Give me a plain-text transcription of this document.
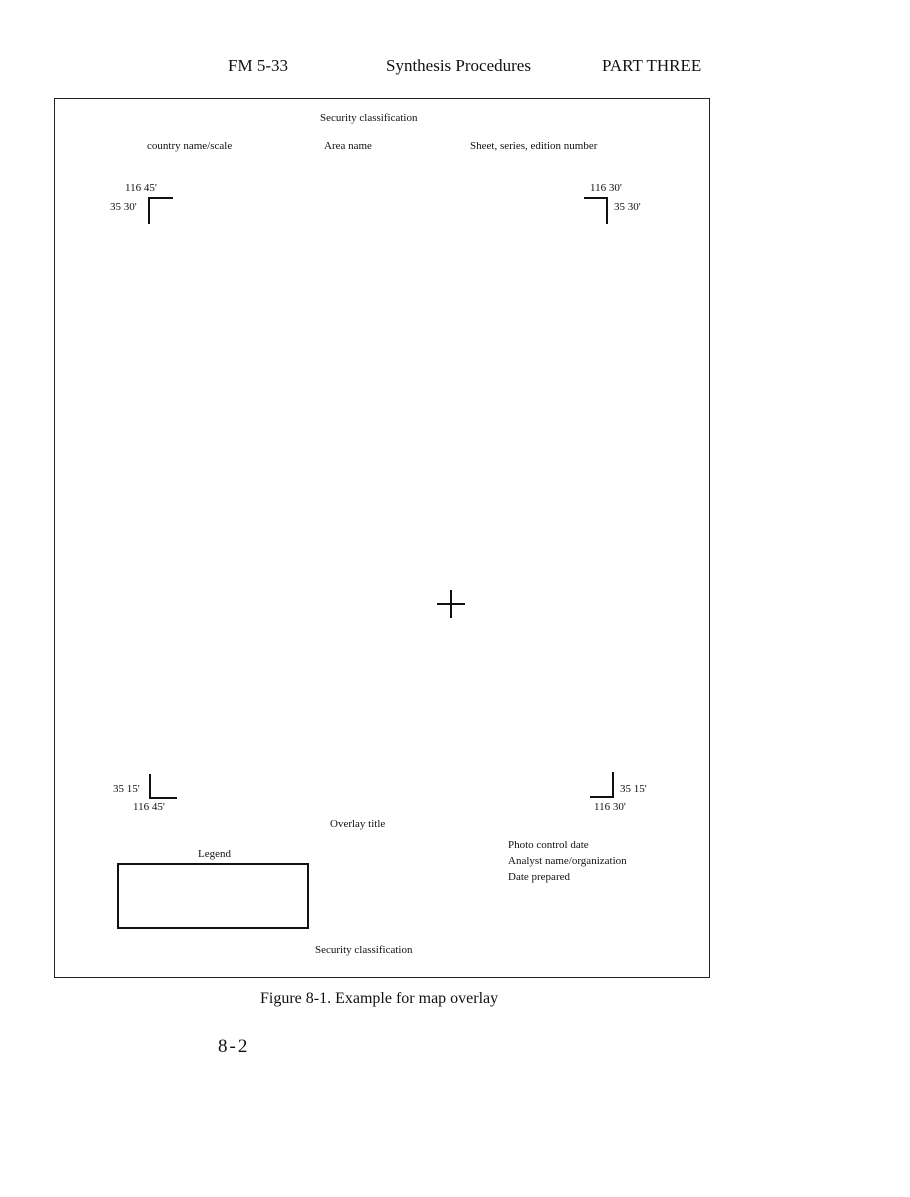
FM 5-33	Synthesis Procedures	PART THREE
Security classification
country name/scale	Area name	Sheet, series, edition number
116 45'
35 30'
116 30'
35 30'
35 15'
116 45'
35 15'
116 30'
Overlay title
Legend
Photo control date
Analyst name/organization
Date prepared
Security classification
Figure 8-1. Example for map overlay
8-2
